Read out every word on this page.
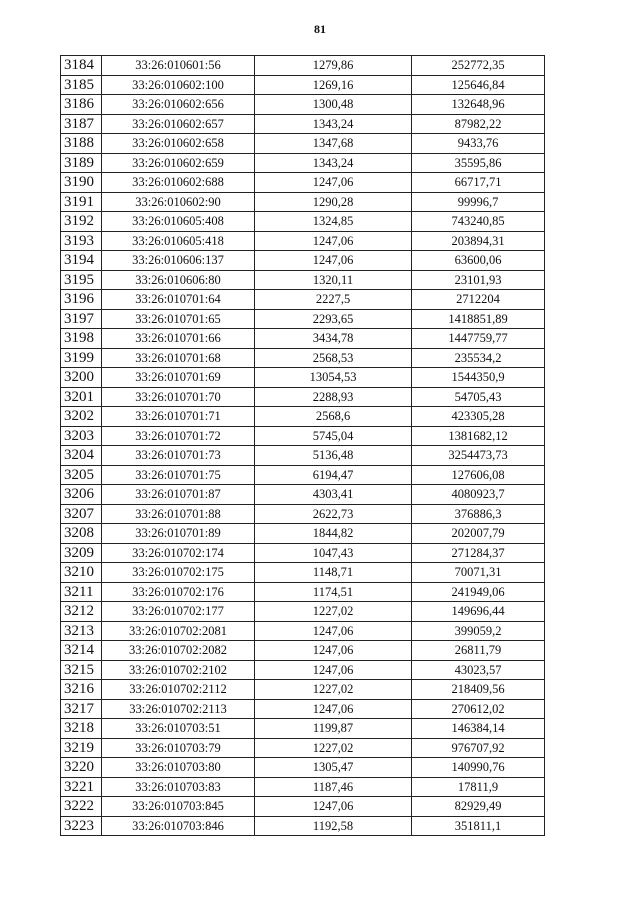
81
3184	33:26:010601:56	1279,86	252772,35
3185	33:26:010602:100	1269,16	125646,84
3186	33:26:010602:656	1300,48	132648,96
3187	33:26:010602:657	1343,24	87982,22
3188	33:26:010602:658	1347,68	9433,76
3189	33:26:010602:659	1343,24	35595,86
3190	33:26:010602:688	1247,06	66717,71
3191	33:26:010602:90	1290,28	99996,7
3192	33:26:010605:408	1324,85	743240,85
3193	33:26:010605:418	1247,06	203894,31
3194	33:26:010606:137	1247,06	63600,06
3195	33:26:010606:80	1320,11	23101,93
3196	33:26:010701:64	2227,5	2712204
3197	33:26:010701:65	2293,65	1418851,89
3198	33:26:010701:66	3434,78	1447759,77
3199	33:26:010701:68	2568,53	235534,2
3200	33:26:010701:69	13054,53	1544350,9
3201	33:26:010701:70	2288,93	54705,43
3202	33:26:010701:71	2568,6	423305,28
3203	33:26:010701:72	5745,04	1381682,12
3204	33:26:010701:73	5136,48	3254473,73
3205	33:26:010701:75	6194,47	127606,08
3206	33:26:010701:87	4303,41	4080923,7
3207	33:26:010701:88	2622,73	376886,3
3208	33:26:010701:89	1844,82	202007,79
3209	33:26:010702:174	1047,43	271284,37
3210	33:26:010702:175	1148,71	70071,31
3211	33:26:010702:176	1174,51	241949,06
3212	33:26:010702:177	1227,02	149696,44
3213	33:26:010702:2081	1247,06	399059,2
3214	33:26:010702:2082	1247,06	26811,79
3215	33:26:010702:2102	1247,06	43023,57
3216	33:26:010702:2112	1227,02	218409,56
3217	33:26:010702:2113	1247,06	270612,02
3218	33:26:010703:51	1199,87	146384,14
3219	33:26:010703:79	1227,02	976707,92
3220	33:26:010703:80	1305,47	140990,76
3221	33:26:010703:83	1187,46	17811,9
3222	33:26:010703:845	1247,06	82929,49
3223	33:26:010703:846	1192,58	351811,1
